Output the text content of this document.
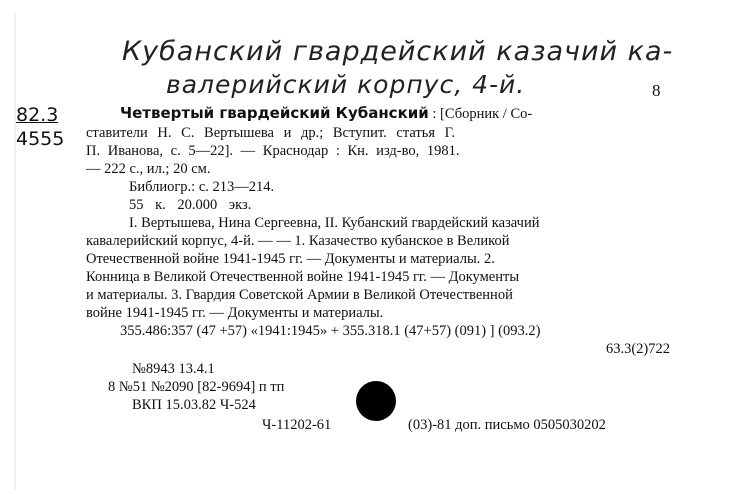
Кубанский гвардейский казачий ка-
валерийский корпус, 4-й.	8
82.3
4555
Четвертый гвардейский Кубанский : [Сборник / Со-
ставители Н. С. Вертышева и др.; Вступит. статья Г.
П. Иванова, с. 5—22]. — Краснодар : Кн. изд-во, 1981.
— 222 с., ил.; 20 см.
Библиогр.: с. 213—214.
55 к. 20.000 экз.
I. Вертышева, Нина Сергеевна, II. Кубанский гвардейский казачий
кавалерийский корпус, 4-й. — — 1. Казачество кубанское в Великой
Отечественной войне 1941-1945 гг. — Документы и материалы. 2.
Конница в Великой Отечественной войне 1941-1945 гг. — Документы
и материалы. 3. Гвардия Советской Армии в Великой Отечественной
войне 1941-1945 гг. — Документы и материалы.
355.486:357 (47 +57) «1941:1945» + 355.318.1 (47+57) (091) ] (093.2)
63.3(2)722
№8943 13.4.1
8 №51 №2090 [82-9694] п тп
ВКП 15.03.82 Ч-524
Ч-11202-61	(03)-81 доп. письмо 0505030202
